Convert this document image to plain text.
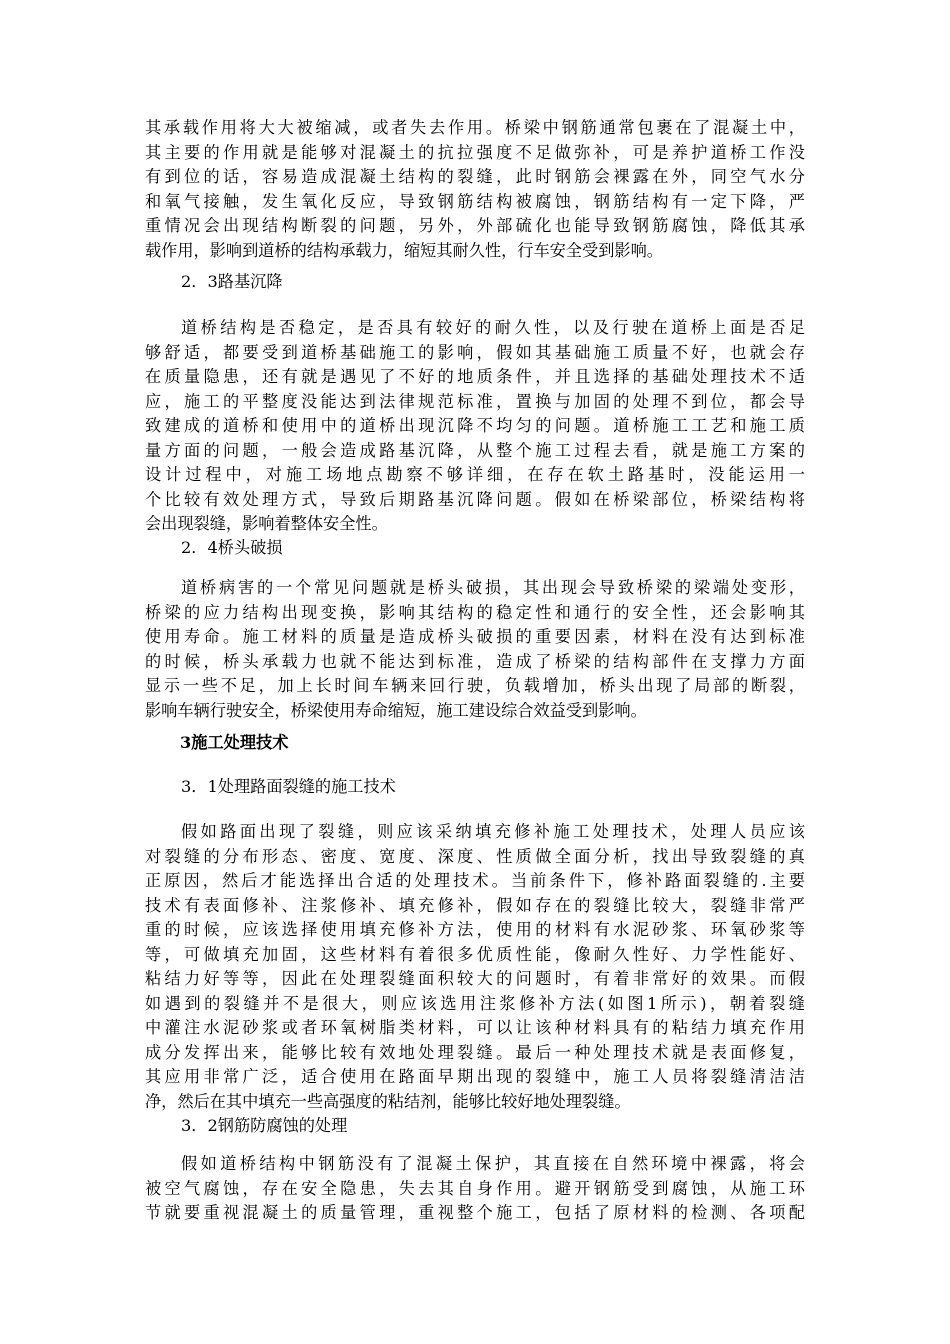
其承载作用将大大被缩减，或者失去作用。桥梁中钢筋通常包裹在了混凝土中，
其主要的作用就是能够对混凝土的抗拉强度不足做弥补，可是养护道桥工作没
有到位的话，容易造成混凝土结构的裂缝，此时钢筋会裸露在外，同空气水分
和氧气接触，发生氧化反应，导致钢筋结构被腐蚀，钢筋结构有一定下降，严
重情况会出现结构断裂的问题，另外，外部硫化也能导致钢筋腐蚀，降低其承
载作用，影响到道桥的结构承载力，缩短其耐久性，行车安全受到影响。
2．3路基沉降
道桥结构是否稳定，是否具有较好的耐久性，以及行驶在道桥上面是否足
够舒适，都要受到道桥基础施工的影响，假如其基础施工质量不好，也就会存
在质量隐患，还有就是遇见了不好的地质条件，并且选择的基础处理技术不适
应，施工的平整度没能达到法律规范标准，置换与加固的处理不到位，都会导
致建成的道桥和使用中的道桥出现沉降不均匀的问题。道桥施工工艺和施工质
量方面的问题，一般会造成路基沉降，从整个施工过程去看，就是施工方案的
设计过程中，对施工场地点勘察不够详细，在存在软土路基时，没能运用一
个比较有效处理方式，导致后期路基沉降问题。假如在桥梁部位，桥梁结构将
会出现裂缝，影响着整体安全性。
2．4桥头破损
道桥病害的一个常见问题就是桥头破损，其出现会导致桥梁的梁端处变形，
桥梁的应力结构出现变换，影响其结构的稳定性和通行的安全性，还会影响其
使用寿命。施工材料的质量是造成桥头破损的重要因素，材料在没有达到标准
的时候，桥头承载力也就不能达到标准，造成了桥梁的结构部件在支撑力方面
显示一些不足，加上长时间车辆来回行驶，负载增加，桥头出现了局部的断裂，
影响车辆行驶安全，桥梁使用寿命缩短，施工建设综合效益受到影响。
3施工处理技术
3．1处理路面裂缝的施工技术
假如路面出现了裂缝，则应该采纳填充修补施工处理技术，处理人员应该
对裂缝的分布形态、密度、宽度、深度、性质做全面分析，找出导致裂缝的真
正原因，然后才能选择出合适的处理技术。当前条件下，修补路面裂缝的.主要
技术有表面修补、注浆修补、填充修补，假如存在的裂缝比较大，裂缝非常严
重的时候，应该选择使用填充修补方法，使用的材料有水泥砂浆、环氧砂浆等
等，可做填充加固，这些材料有着很多优质性能，像耐久性好、力学性能好、
粘结力好等等，因此在处理裂缝面积较大的问题时，有着非常好的效果。而假
如遇到的裂缝并不是很大，则应该选用注浆修补方法(如图1所示)，朝着裂缝
中灌注水泥砂浆或者环氧树脂类材料，可以让该种材料具有的粘结力填充作用
成分发挥出来，能够比较有效地处理裂缝。最后一种处理技术就是表面修复，
其应用非常广泛，适合使用在路面早期出现的裂缝中，施工人员将裂缝清洁洁
净，然后在其中填充一些高强度的粘结剂，能够比较好地处理裂缝。
3．2钢筋防腐蚀的处理
假如道桥结构中钢筋没有了混凝土保护，其直接在自然环境中裸露，将会
被空气腐蚀，存在安全隐患，失去其自身作用。避开钢筋受到腐蚀，从施工环
节就要重视混凝土的质量管理，重视整个施工，包括了原材料的检测、各项配
